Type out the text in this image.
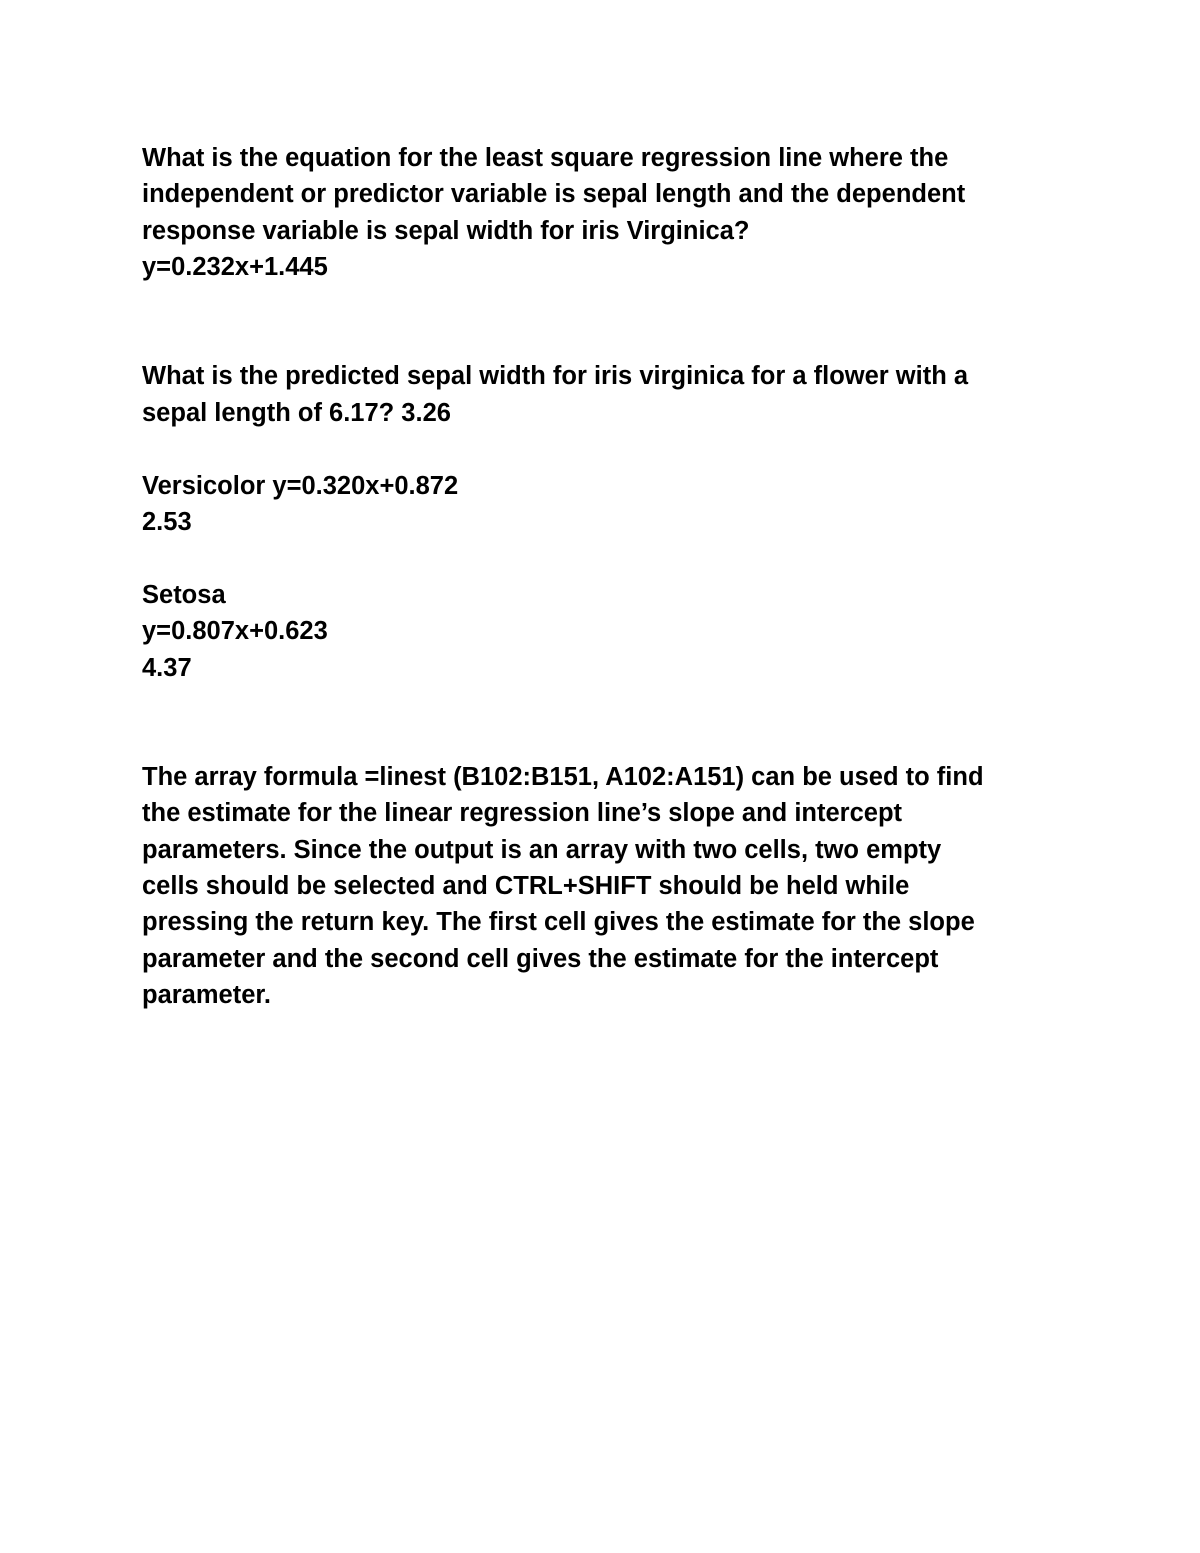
What is the equation for the least square regression line where the
independent or predictor variable is sepal length and the dependent
response variable is sepal width for iris Virginica?
y=0.232x+1.445
What is the predicted sepal width for iris virginica for a flower with a
sepal length of 6.17? 3.26
Versicolor y=0.320x+0.872
2.53
Setosa
y=0.807x+0.623
4.37
The array formula =linest (B102:B151, A102:A151) can be used to find
the estimate for the linear regression line’s slope and intercept
parameters. Since the output is an array with two cells, two empty
cells should be selected and CTRL+SHIFT should be held while
pressing the return key. The first cell gives the estimate for the slope
parameter and the second cell gives the estimate for the intercept
parameter.
